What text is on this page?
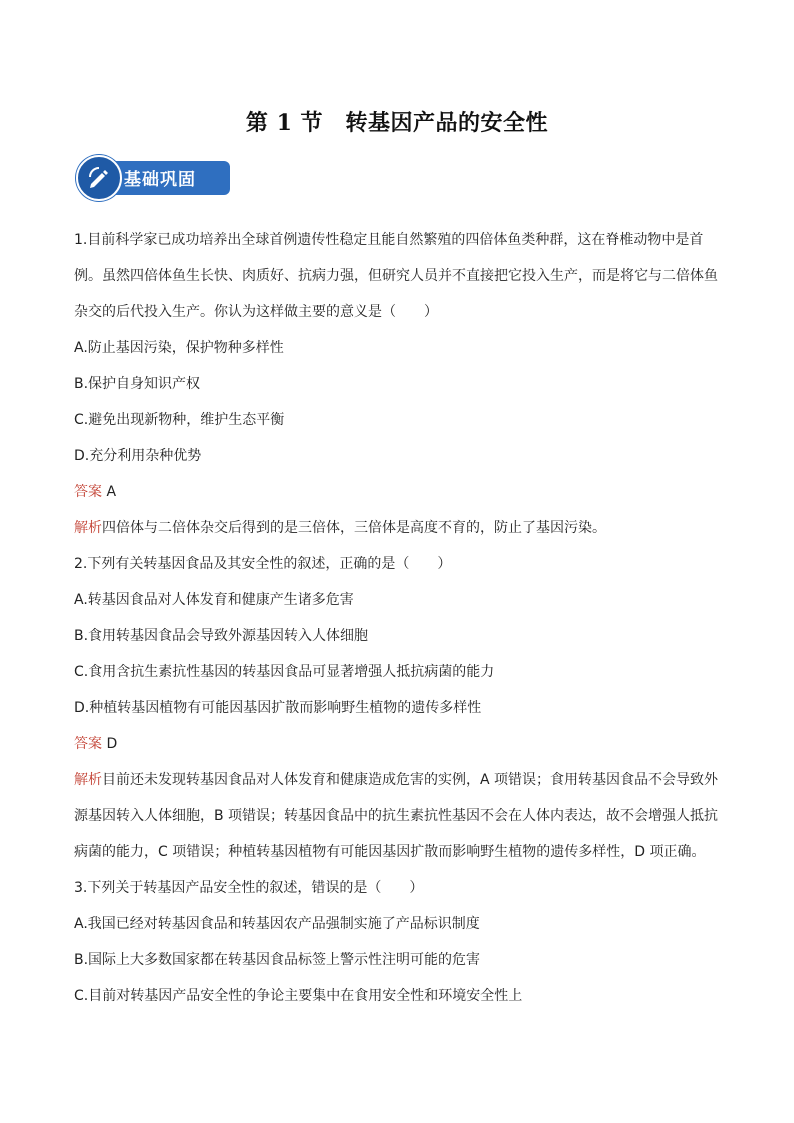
第 1 节　转基因产品的安全性
基础巩固
1.目前科学家已成功培养出全球首例遗传性稳定且能自然繁殖的四倍体鱼类种群，这在脊椎动物中是首
例。虽然四倍体鱼生长快、肉质好、抗病力强，但研究人员并不直接把它投入生产，而是将它与二倍体鱼
杂交的后代投入生产。你认为这样做主要的意义是（　　）
A.防止基因污染，保护物种多样性
B.保护自身知识产权
C.避免出现新物种，维护生态平衡
D.充分利用杂种优势
答案 A
解析四倍体与二倍体杂交后得到的是三倍体，三倍体是高度不育的，防止了基因污染。
2.下列有关转基因食品及其安全性的叙述，正确的是（　　）
A.转基因食品对人体发育和健康产生诸多危害
B.食用转基因食品会导致外源基因转入人体细胞
C.食用含抗生素抗性基因的转基因食品可显著增强人抵抗病菌的能力
D.种植转基因植物有可能因基因扩散而影响野生植物的遗传多样性
答案 D
解析目前还未发现转基因食品对人体发育和健康造成危害的实例，A 项错误；食用转基因食品不会导致外
源基因转入人体细胞，B 项错误；转基因食品中的抗生素抗性基因不会在人体内表达，故不会增强人抵抗
病菌的能力，C 项错误；种植转基因植物有可能因基因扩散而影响野生植物的遗传多样性，D 项正确。
3.下列关于转基因产品安全性的叙述，错误的是（　　）
A.我国已经对转基因食品和转基因农产品强制实施了产品标识制度
B.国际上大多数国家都在转基因食品标签上警示性注明可能的危害
C.目前对转基因产品安全性的争论主要集中在食用安全性和环境安全性上
